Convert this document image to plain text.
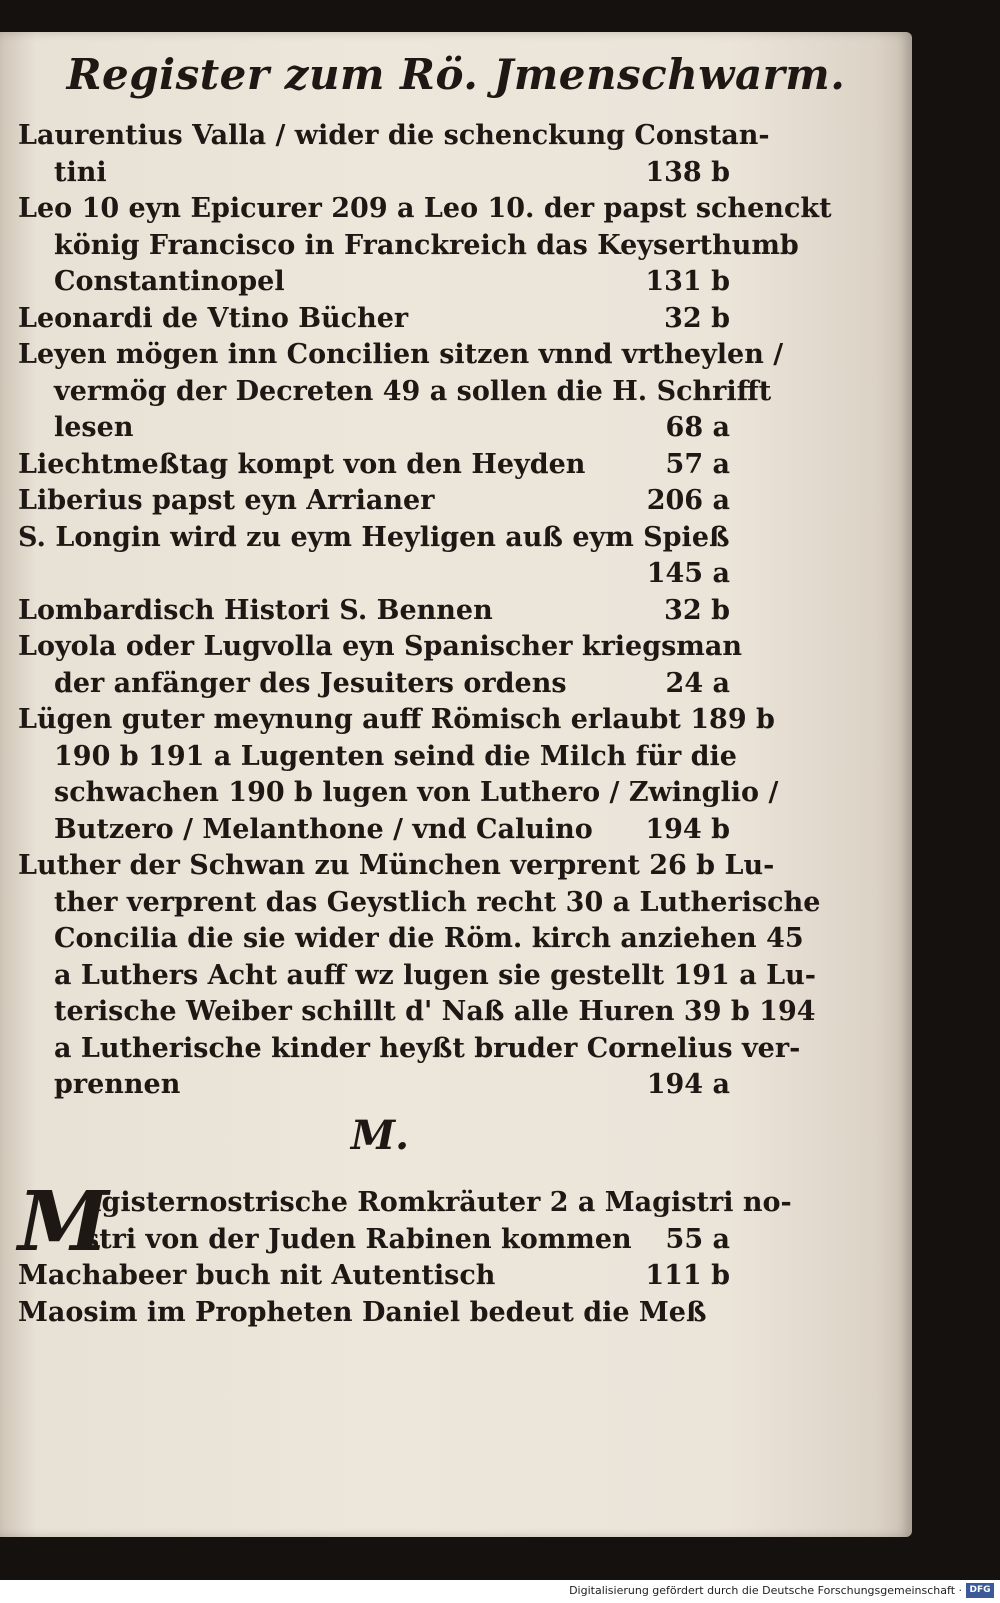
Register zum Rö. Jmenschwarm.
Laurentius Valla / wider die schenckung Constan-
tini	138 b
Leo 10 eyn Epicurer 209 a Leo 10. der papst schenckt
könig Francisco in Franckreich das Keyserthumb
Constantinopel	131 b
Leonardi de Vtino Bücher	32 b
Leyen mögen inn Concilien sitzen vnnd vrtheylen /
vermög der Decreten 49 a sollen die H. Schrifft
lesen	68 a
Liechtmeßtag kompt von den Heyden	57 a
Liberius papst eyn Arrianer	206 a
S. Longin wird zu eym Heyligen auß eym Spieß
145 a
Lombardisch Histori S. Bennen	32 b
Loyola oder Lugvolla eyn Spanischer kriegsman
der anfänger des Jesuiters ordens	24 a
Lügen guter meynung auff Römisch erlaubt 189 b
190 b 191 a Lugenten seind die Milch für die
schwachen 190 b lugen von Luthero / Zwinglio /
Butzero / Melanthone / vnd Caluino	194 b
Luther der Schwan zu München verprent 26 b Lu-
ther verprent das Geystlich recht 30 a Lutherische
Concilia die sie wider die Röm. kirch anziehen 45
a Luthers Acht auff wz lugen sie gestellt 191 a Lu-
terische Weiber schillt d' Naß alle Huren 39 b 194
a Lutherische kinder heyßt bruder Cornelius ver-
prennen	194 a
M.
M
agisternostrische Romkräuter 2 a Magistri no-
stri von der Juden Rabinen kommen	55 a
Machabeer buch nit Autentisch	111 b
Maosim im Propheten Daniel bedeut die Meß
Digitalisierung gefördert durch die Deutsche Forschungsgemeinschaft · DFG
